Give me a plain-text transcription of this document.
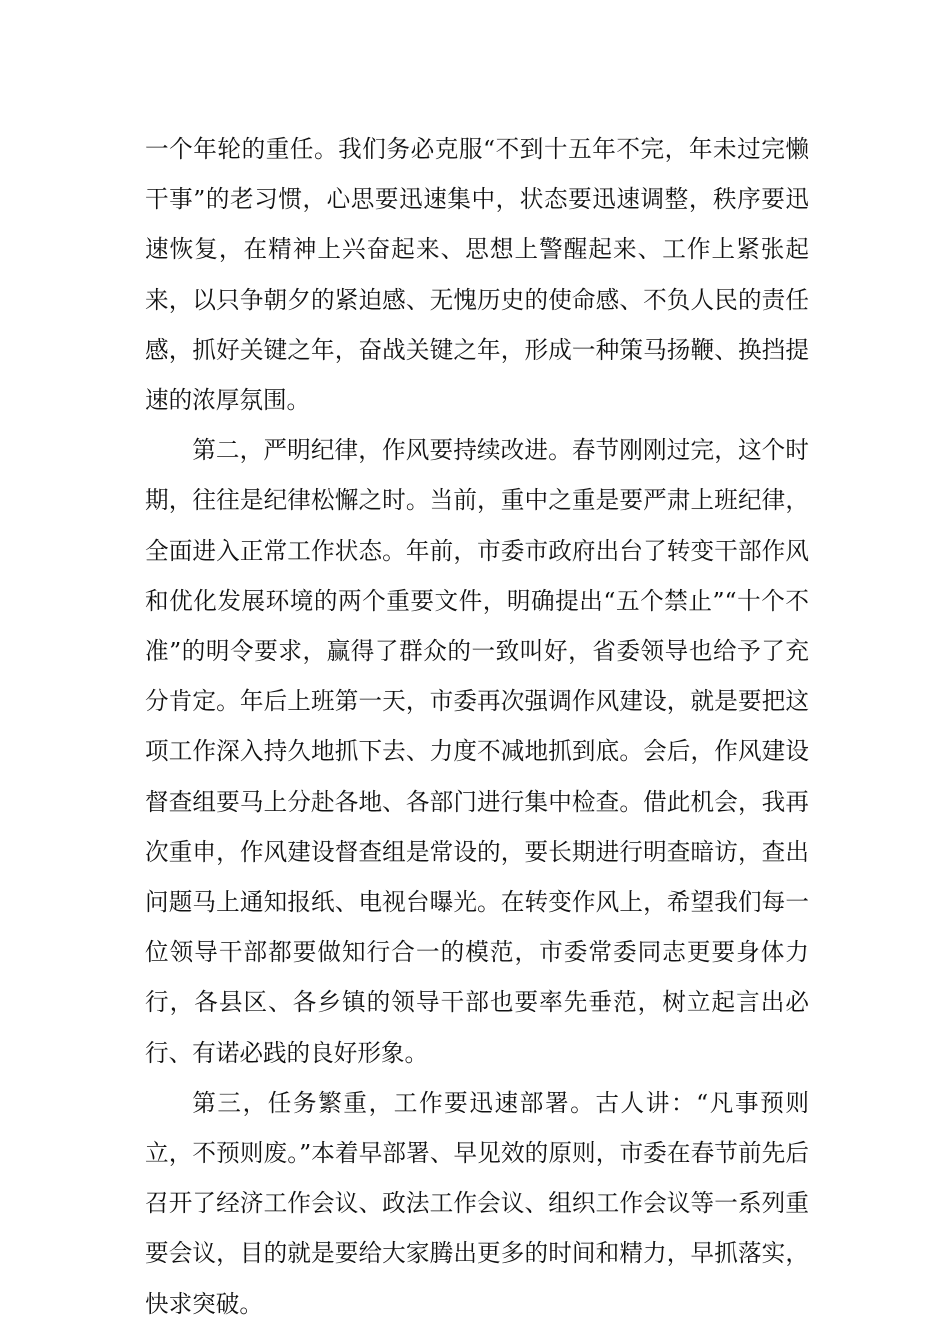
一个年轮的重任。我们务必克服“不到十五年不完，年未过完懒干事”的老习惯，心思要迅速集中，状态要迅速调整，秩序要迅速恢复，在精神上兴奋起来、思想上警醒起来、工作上紧张起来，以只争朝夕的紧迫感、无愧历史的使命感、不负人民的责任感，抓好关键之年，奋战关键之年，形成一种策马扬鞭、换挡提速的浓厚氛围。

第二，严明纪律，作风要持续改进。春节刚刚过完，这个时期，往往是纪律松懈之时。当前，重中之重是要严肃上班纪律，全面进入正常工作状态。年前，市委市政府出台了转变干部作风和优化发展环境的两个重要文件，明确提出“五个禁止”“十个不准”的明令要求，赢得了群众的一致叫好，省委领导也给予了充分肯定。年后上班第一天，市委再次强调作风建设，就是要把这项工作深入持久地抓下去、力度不减地抓到底。会后，作风建设督查组要马上分赴各地、各部门进行集中检查。借此机会，我再次重申，作风建设督查组是常设的，要长期进行明查暗访，查出问题马上通知报纸、电视台曝光。在转变作风上，希望我们每一位领导干部都要做知行合一的模范，市委常委同志更要身体力行，各县区、各乡镇的领导干部也要率先垂范，树立起言出必行、有诺必践的良好形象。

第三，任务繁重，工作要迅速部署。古人讲：“凡事预则立，不预则废。”本着早部署、早见效的原则，市委在春节前先后召开了经济工作会议、政法工作会议、组织工作会议等一系列重要会议，目的就是要给大家腾出更多的时间和精力，早抓落实，快求突破。
